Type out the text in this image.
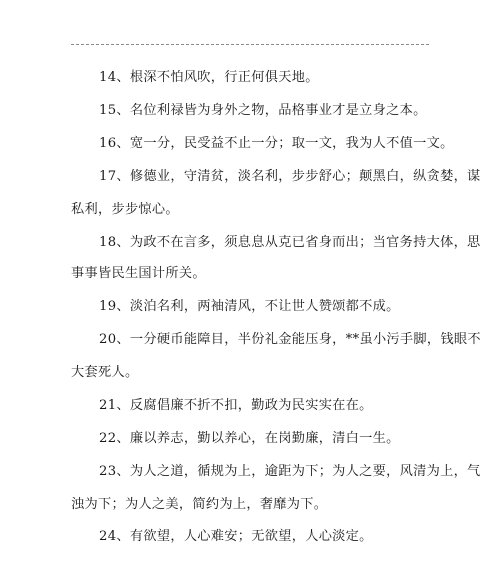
14、根深不怕风吹，行正何俱天地。
15、名位利禄皆为身外之物，品格事业才是立身之本。
16、宽一分，民受益不止一分；取一文，我为人不值一文。
17、修德业，守清贫，淡名利，步步舒心；颠黑白，纵贪婪，谋
私利，步步惊心。
18、为政不在言多，须息息从克已省身而出；当官务持大体，思
事事皆民生国计所关。
19、淡泊名利，两袖清风，不让世人赞颂都不成。
20、一分硬币能障目，半份礼金能压身，**虽小污手脚，钱眼不
大套死人。
21、反腐倡廉不折不扣，勤政为民实实在在。
22、廉以养志，勤以养心，在岗勤廉，清白一生。
23、为人之道，循规为上，逾距为下；为人之要，风清为上，气
浊为下；为人之美，简约为上，奢靡为下。
24、有欲望，人心难安；无欲望，人心淡定。
